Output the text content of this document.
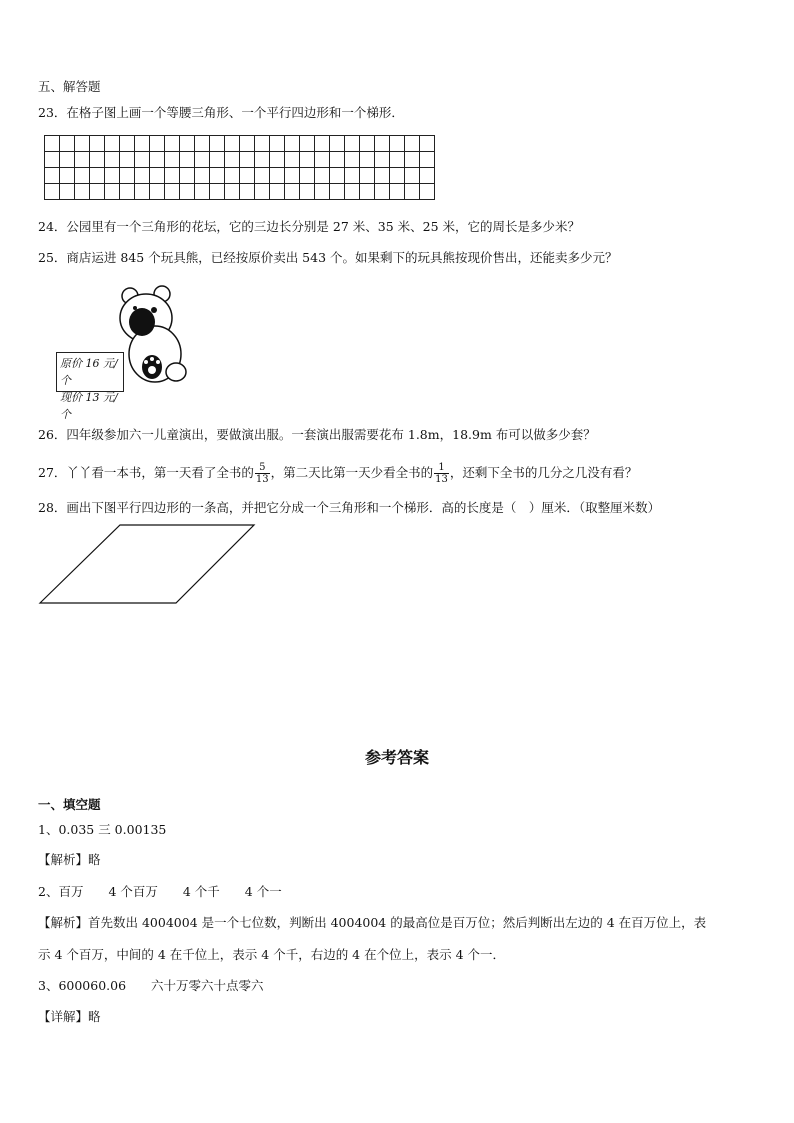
五、解答题
23．在格子图上画一个等腰三角形、一个平行四边形和一个梯形．
24．公园里有一个三角形的花坛，它的三边长分别是 27 米、35 米、25 米，它的周长是多少米？
25．商店运进 845 个玩具熊，已经按原价卖出 543 个。如果剩下的玩具熊按现价售出，还能卖多少元？
原价 16 元/个
现价 13 元/个
26．四年级参加六一儿童演出，要做演出服。一套演出服需要花布 1.8m，18.9m 布可以做多少套？
27．丫丫看一本书，第一天看了全书的 $\frac{5}{13}$ ，第二天比第一天少看全书的 $\frac{1}{13}$ ，还剩下全书的几分之几没有看？
28．画出下图平行四边形的一条高，并把它分成一个三角形和一个梯形．高的长度是（　）厘米．（取整厘米数）
参考答案
一、填空题
1、0.035 三 0.00135
【解析】略
2、百万　　4 个百万　　4 个千　　4 个一
【解析】首先数出 4004004 是一个七位数，判断出 4004004 的最高位是百万位；然后判断出左边的 4 在百万位上，表
示 4 个百万，中间的 4 在千位上，表示 4 个千，右边的 4 在个位上，表示 4 个一．
3、600060.06　　六十万零六十点零六
【详解】略
